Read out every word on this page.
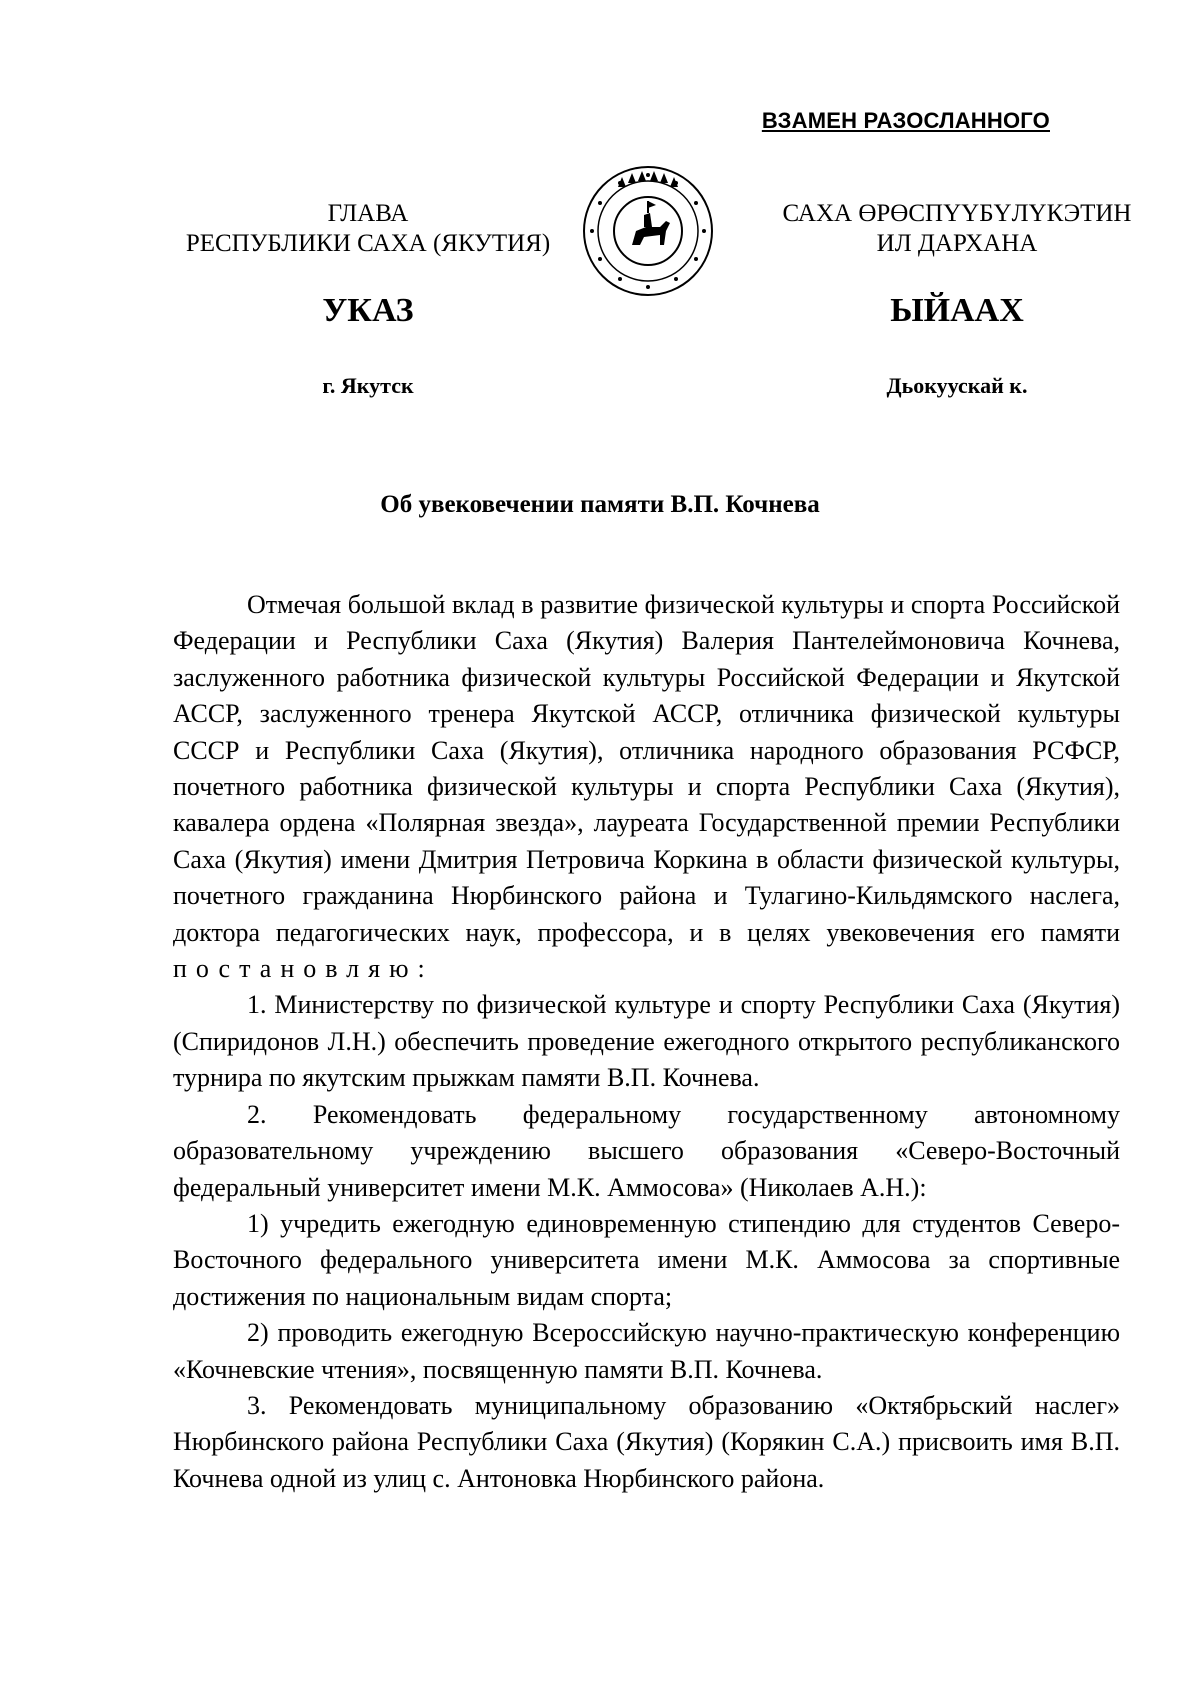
ВЗАМЕН РАЗОСЛАННОГО
ГЛАВА
РЕСПУБЛИКИ САХА (ЯКУТИЯ)
САХА ӨРӨСПҮҮБҮЛҮКЭТИН
ИЛ ДАРХАНА
УКАЗ	ЫЙААХ
г. Якутск	Дьокуускай к.
Об увековечении памяти В.П. Кочнева

Отмечая большой вклад в развитие физической культуры и спорта Российской Федерации и Республики Саха (Якутия) Валерия Пантелеймоновича Кочнева, заслуженного работника физической культуры Российской Федерации и Якутской АССР, заслуженного тренера Якутской АССР, отличника физической культуры СССР и Республики Саха (Якутия), отличника народного образования РСФСР, почетного работника физической культуры и спорта Республики Саха (Якутия), кавалера ордена «Полярная звезда», лауреата Государственной премии Республики Саха (Якутия) имени Дмитрия Петровича Коркина в области физической культуры, почетного гражданина Нюрбинского района и Тулагино-Кильдямского наслега, доктора педагогических наук, профессора, и в целях увековечения его памяти постановляю:

1. Министерству по физической культуре и спорту Республики Саха (Якутия) (Спиридонов Л.Н.) обеспечить проведение ежегодного открытого республиканского турнира по якутским прыжкам памяти В.П. Кочнева.

2. Рекомендовать федеральному государственному автономному образовательному учреждению высшего образования «Северо-Восточный федеральный университет имени М.К. Аммосова» (Николаев А.Н.):

1) учредить ежегодную единовременную стипендию для студентов Северо-Восточного федерального университета имени М.К. Аммосова за спортивные достижения по национальным видам спорта;

2) проводить ежегодную Всероссийскую научно-практическую конференцию «Кочневские чтения», посвященную памяти В.П. Кочнева.

3. Рекомендовать муниципальному образованию «Октябрьский наслег» Нюрбинского района Республики Саха (Якутия) (Корякин С.А.) присвоить имя В.П. Кочнева одной из улиц с. Антоновка Нюрбинского района.
